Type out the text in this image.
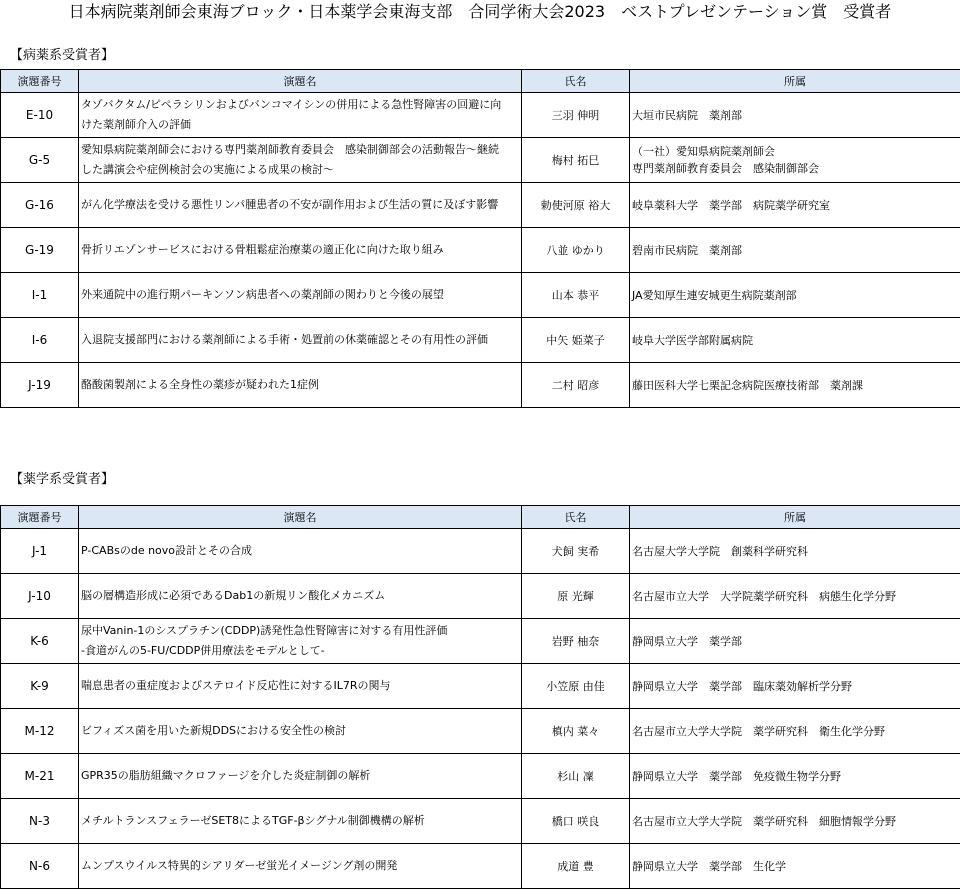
日本病院薬剤師会東海ブロック・日本薬学会東海支部　合同学術大会2023　ベストプレゼンテーション賞　受賞者
【病薬系受賞者】
演題番号	演題名	氏名	所属
E-10	タゾバクタム/ピペラシリンおよびバンコマイシンの併用による急性腎障害の回避に向
けた薬剤師介入の評価	三羽 伸明	大垣市民病院　薬剤部
G-5	愛知県病院薬剤師会における専門薬剤師教育委員会　感染制御部会の活動報告～継続
した講演会や症例検討会の実施による成果の検討～	梅村 拓巳	（一社）愛知県病院薬剤師会
専門薬剤師教育委員会　感染制御部会
G-16	がん化学療法を受ける悪性リンパ腫患者の不安が副作用および生活の質に及ぼす影響	勅使河原 裕大	岐阜薬科大学　薬学部　病院薬学研究室
G-19	骨折リエゾンサービスにおける骨粗鬆症治療薬の適正化に向けた取り組み	八並 ゆかり	碧南市民病院　薬剤部
I-1	外来通院中の進行期パーキンソン病患者への薬剤師の関わりと今後の展望	山本 恭平	JA愛知厚生連安城更生病院薬剤部
I-6	入退院支援部門における薬剤師による手術・処置前の休薬確認とその有用性の評価	中矢 姫菜子	岐阜大学医学部附属病院
J-19	酪酸菌製剤による全身性の薬疹が疑われた1症例	二村 昭彦	藤田医科大学七栗記念病院医療技術部　薬剤課
【薬学系受賞者】
演題番号	演題名	氏名	所属
J-1	P-CABsのde novo設計とその合成	犬飼 実希	名古屋大学大学院　創薬科学研究科
J-10	脳の層構造形成に必須であるDab1の新規リン酸化メカニズム	原 光輝	名古屋市立大学　大学院薬学研究科　病態生化学分野
K-6	尿中Vanin-1のシスプラチン(CDDP)誘発性急性腎障害に対する有用性評価
-食道がんの5-FU/CDDP併用療法をモデルとして-	岩野 柚奈	静岡県立大学　薬学部
K-9	喘息患者の重症度およびステロイド反応性に対するIL7Rの関与	小笠原 由佳	静岡県立大学　薬学部　臨床薬効解析学分野
M-12	ビフィズス菌を用いた新規DDSにおける安全性の検討	槙内 菜々	名古屋市立大学大学院　薬学研究科　衛生化学分野
M-21	GPR35の脂肪組織マクロファージを介した炎症制御の解析	杉山 凜	静岡県立大学　薬学部　免疫微生物学分野
N-3	メチルトランスフェラーゼSET8によるTGF-βシグナル制御機構の解析	橋口 咲良	名古屋市立大学大学院　薬学研究科　細胞情報学分野
N-6	ムンプスウイルス特異的シアリダーゼ蛍光イメージング剤の開発	成道 豊	静岡県立大学　薬学部　生化学
